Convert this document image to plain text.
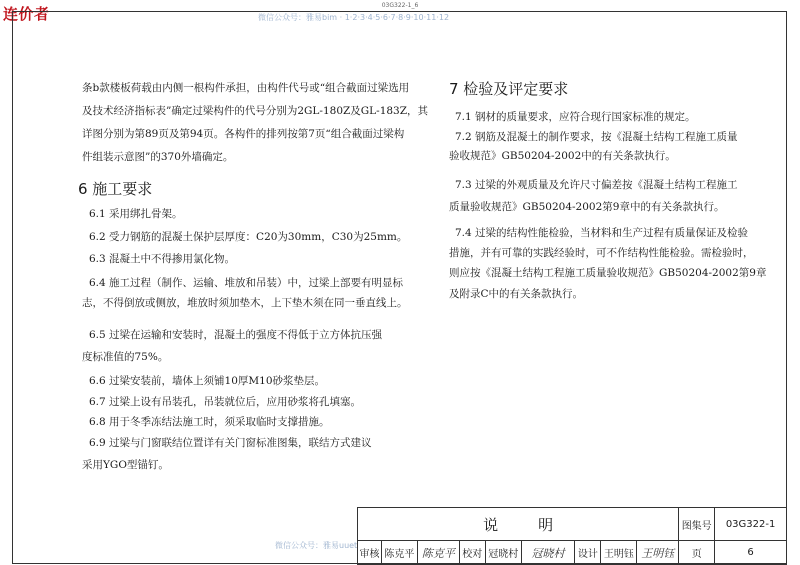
03G322-1_6
连价者	微信公众号：雅易bim · 1·2·3·4·5·6·7·8·9·10·11·12
微信公众号：雅易uuet
条b款楼板荷载由内侧一根构件承担，由构件代号或“组合截面过梁选用
及技术经济指标表”确定过梁构件的代号分别为2GL-180Z及GL-183Z，其
详图分别为第89页及第94页。各构件的排列按第7页“组合截面过梁构
件组装示意图”的370外墙确定。
6 施工要求
6.1 采用绑扎骨架。
6.2 受力钢筋的混凝土保护层厚度：C20为30mm，C30为25mm。
6.3 混凝土中不得掺用氯化物。
6.4 施工过程（制作、运输、堆放和吊装）中，过梁上部要有明显标
志，不得倒放或侧放，堆放时须加垫木，上下垫木须在同一垂直线上。
6.5 过梁在运输和安装时，混凝土的强度不得低于立方体抗压强
度标准值的75%。
6.6 过梁安装前，墙体上须铺10厚M10砂浆垫层。
6.7 过梁上设有吊装孔，吊装就位后，应用砂浆将孔填塞。
6.8 用于冬季冻结法施工时，须采取临时支撑措施。
6.9 过梁与门窗联结位置详有关门窗标准图集，联结方式建议
采用YGO型锚钉。
7 检验及评定要求
7.1 钢材的质量要求，应符合现行国家标准的规定。
7.2 钢筋及混凝土的制作要求，按《混凝土结构工程施工质量
验收规范》GB50204-2002中的有关条款执行。
7.3 过梁的外观质量及允许尺寸偏差按《混凝土结构工程施工
质量验收规范》GB50204-2002第9章中的有关条款执行。
7.4 过梁的结构性能检验，当材料和生产过程有质量保证及检验
措施，并有可靠的实践经验时，可不作结构性能检验。需检验时，
则应按《混凝土结构工程施工质量验收规范》GB50204-2002第9章
及附录C中的有关条款执行。
说明									图集号	03G322-1
审核	陈克平	陈克平	校对	冠晓村	冠晓村	设计	王明钰	王明钰	页	6
